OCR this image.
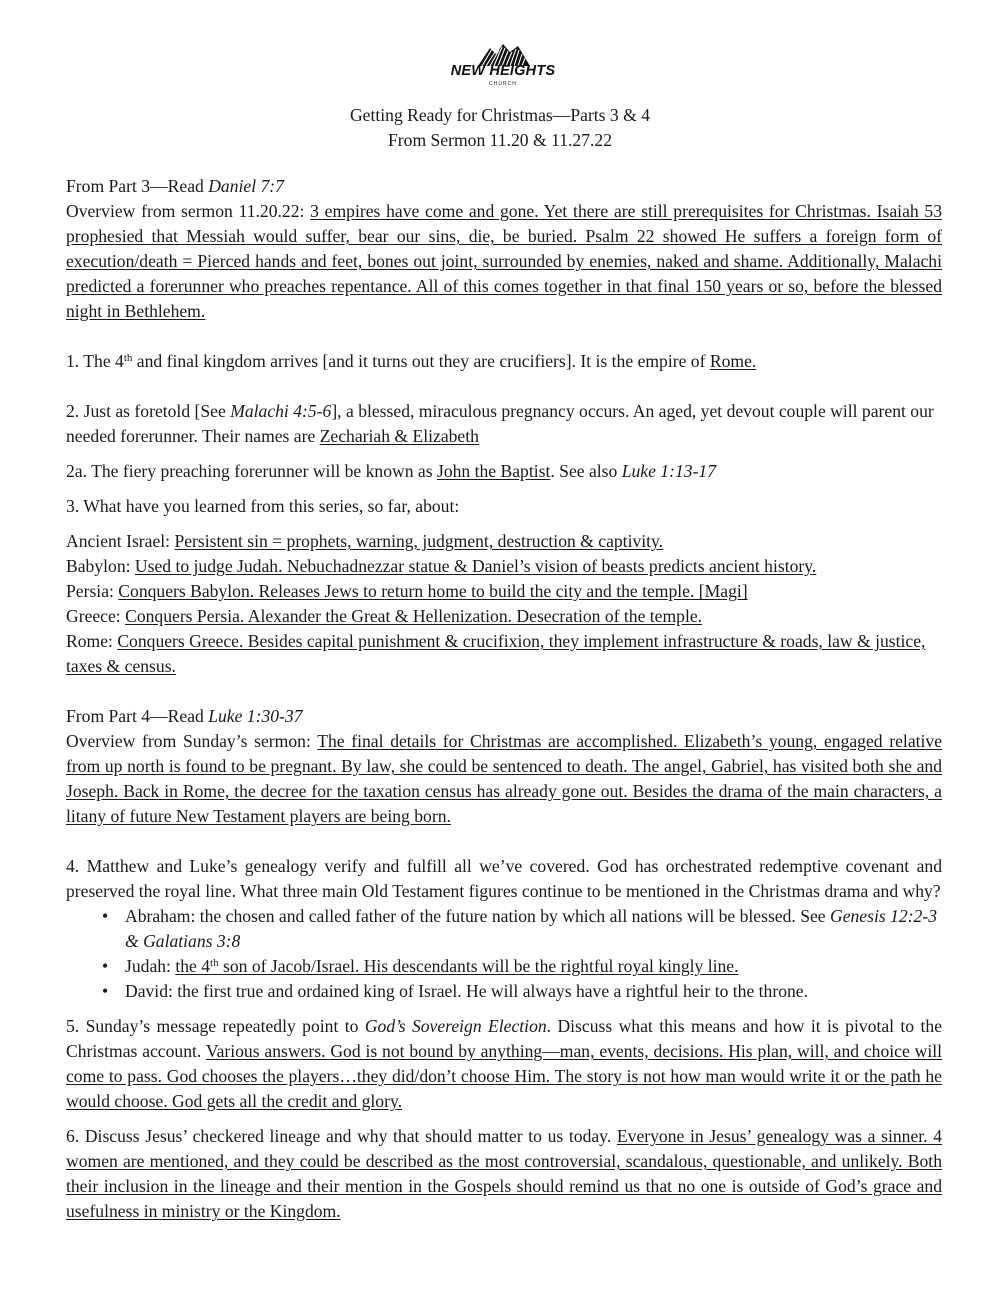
NEW HEIGHTS
CHURCH
Getting Ready for Christmas—Parts 3 & 4
From Sermon 11.20 & 11.27.22

From Part 3—Read Daniel 7:7

Overview from sermon 11.20.22: 3 empires have come and gone. Yet there are still prerequisites for Christmas. Isaiah 53 prophesied that Messiah would suffer, bear our sins, die, be buried. Psalm 22 showed He suffers a foreign form of execution/death = Pierced hands and feet, bones out joint, surrounded by enemies, naked and shame. Additionally, Malachi predicted a forerunner who preaches repentance. All of this comes together in that final 150 years or so, before the blessed night in Bethlehem.

1. The 4th and final kingdom arrives [and it turns out they are crucifiers]. It is the empire of Rome.

2. Just as foretold [See Malachi 4:5-6], a blessed, miraculous pregnancy occurs. An aged, yet devout couple will parent our needed forerunner. Their names are Zechariah & Elizabeth

2a. The fiery preaching forerunner will be known as John the Baptist. See also Luke 1:13-17

3. What have you learned from this series, so far, about:

Ancient Israel: Persistent sin = prophets, warning, judgment, destruction & captivity.

Babylon: Used to judge Judah. Nebuchadnezzar statue & Daniel’s vision of beasts predicts ancient history.

Persia: Conquers Babylon. Releases Jews to return home to build the city and the temple. [Magi]

Greece: Conquers Persia. Alexander the Great & Hellenization. Desecration of the temple.

Rome: Conquers Greece. Besides capital punishment & crucifixion, they implement infrastructure & roads, law & justice, taxes & census.

From Part 4—Read Luke 1:30-37

Overview from Sunday’s sermon: The final details for Christmas are accomplished. Elizabeth’s young, engaged relative from up north is found to be pregnant. By law, she could be sentenced to death. The angel, Gabriel, has visited both she and Joseph. Back in Rome, the decree for the taxation census has already gone out. Besides the drama of the main characters, a litany of future New Testament players are being born.

4. Matthew and Luke’s genealogy verify and fulfill all we’ve covered. God has orchestrated redemptive covenant and preserved the royal line. What three main Old Testament figures continue to be mentioned in the Christmas drama and why?

• Abraham: the chosen and called father of the future nation by which all nations will be blessed. See Genesis 12:2-3 & Galatians 3:8
• Judah: the 4th son of Jacob/Israel. His descendants will be the rightful royal kingly line.
• David: the first true and ordained king of Israel. He will always have a rightful heir to the throne.

5. Sunday’s message repeatedly point to God’s Sovereign Election. Discuss what this means and how it is pivotal to the Christmas account. Various answers. God is not bound by anything—man, events, decisions. His plan, will, and choice will come to pass. God chooses the players…they did/don’t choose Him. The story is not how man would write it or the path he would choose. God gets all the credit and glory.

6. Discuss Jesus’ checkered lineage and why that should matter to us today. Everyone in Jesus’ genealogy was a sinner. 4 women are mentioned, and they could be described as the most controversial, scandalous, questionable, and unlikely. Both their inclusion in the lineage and their mention in the Gospels should remind us that no one is outside of God’s grace and usefulness in ministry or the Kingdom.
